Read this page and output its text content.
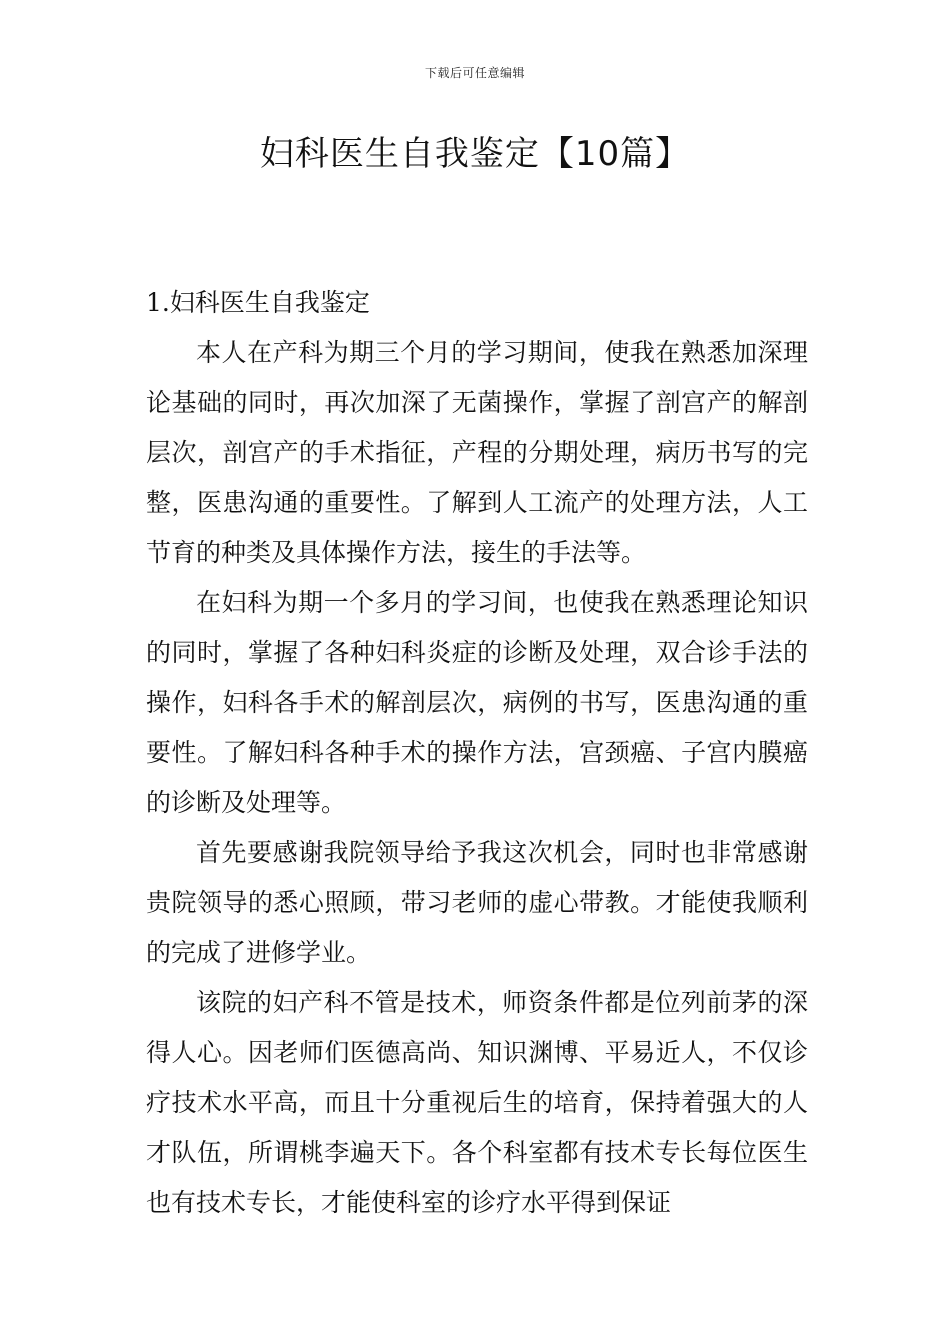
下载后可任意编辑
妇科医生自我鉴定【10篇】
1.妇科医生自我鉴定

本人在产科为期三个月的学习期间，使我在熟悉加深理论基础的同时，再次加深了无菌操作，掌握了剖宫产的解剖层次，剖宫产的手术指征，产程的分期处理，病历书写的完整，医患沟通的重要性。了解到人工流产的处理方法，人工节育的种类及具体操作方法，接生的手法等。

在妇科为期一个多月的学习间，也使我在熟悉理论知识的同时，掌握了各种妇科炎症的诊断及处理，双合诊手法的操作，妇科各手术的解剖层次，病例的书写，医患沟通的重要性。了解妇科各种手术的操作方法，宫颈癌、子宫内膜癌的诊断及处理等。

首先要感谢我院领导给予我这次机会，同时也非常感谢贵院领导的悉心照顾，带习老师的虚心带教。才能使我顺利的完成了进修学业。

该院的妇产科不管是技术，师资条件都是位列前茅的深得人心。因老师们医德高尚、知识渊博、平易近人，不仅诊疗技术水平高，而且十分重视后生的培育，保持着强大的人才队伍，所谓桃李遍天下。各个科室都有技术专长每位医生也有技术专长，才能使科室的诊疗水平得到保证
